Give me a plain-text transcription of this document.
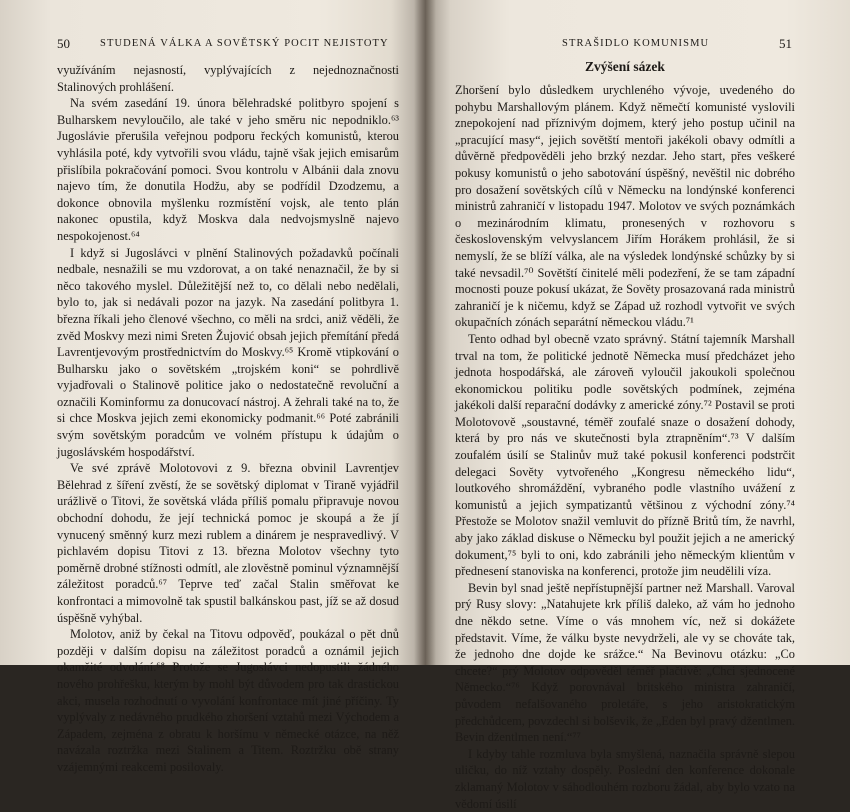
50	STUDENÁ VÁLKA A SOVĚTSKÝ POCIT NEJISTOTY

využíváním nejasností, vyplývajících z nejednoznačnosti Stalinových prohlášení.

Na svém zasedání 19. února bělehradské politbyro spojení s Bulharskem nevyloučilo, ale také v jeho směru nic nepodniklo.⁶³ Jugoslávie přerušila veřejnou podporu řeckých komunistů, kterou vyhlásila poté, kdy vytvořili svou vládu, tajně však jejich emisarům přislíbila pokračování pomoci. Svou kontrolu v Albánii dala znovu najevo tím, že donutila Hodžu, aby se podřídil Dzodzemu, a dokonce obnovila myšlenku rozmístění vojsk, ale tento plán nakonec opustila, když Moskva dala nedvojsmyslně najevo nespokojenost.⁶⁴

I když si Jugoslávci v plnění Stalinových požadavků počínali nedbale, nesnažili se mu vzdorovat, a on také nenaznačil, že by si něco takového myslel. Důležitější než to, co dělali nebo nedělali, bylo to, jak si nedávali pozor na jazyk. Na zasedání politbyra 1. března říkali jeho členové všechno, co měli na srdci, aniž věděli, že zvěd Moskvy mezi nimi Sreten Žujović obsah jejich přemítání předá Lavrentjevovým prostřednictvím do Moskvy.⁶⁵ Kromě vtipkování o Bulharsku jako o sovětském „trojském koni“ se pohrdlivě vyjadřovali o Stalinově politice jako o nedostatečně revoluční a označili Kominformu za donucovací nástroj. A žehrali také na to, že si chce Moskva jejich zemi ekonomicky podmanit.⁶⁶ Poté zabránili svým sovětským poradcům ve volném přístupu k údajům o jugoslávském hospodářství.

Ve své zprávě Molotovovi z 9. března obvinil Lavrentjev Bělehrad z šíření zvěstí, že se sovětský diplomat v Tiraně vyjádřil urážlivě o Titovi, že sovětská vláda příliš pomalu připravuje novou obchodní dohodu, že její technická pomoc je skoupá a že jí vynucený směnný kurz mezi rublem a dinárem je nespravedlivý. V pichlavém dopisu Titovi z 13. března Molotov všechny tyto poměrně drobné stížnosti odmítl, ale zlověstně pominul významnější záležitost poradců.⁶⁷ Teprve teď začal Stalin směřovat ke konfrontaci a mimovolně tak spustil balkánskou past, jíž se až dosud úspěšně vyhýbal.

Molotov, aniž by čekal na Titovu odpověď, poukázal o pět dnů později v dalším dopisu na záležitost poradců a oznámil jejich okamžité odvolání.⁶⁸ Protože se Jugoslávci nedopustili žádného nového prohřešku, kterým by mohl být důvodem pro tak drastickou akci, musela rozhodnutí o vyvolání konfrontace mít jiné příčiny. Ty vyplývaly z nedávného prudkého zhoršení vztahů mezi Východem a Západem, zejména z obratu k horšímu v německé otázce, na něž navázala roztržka mezi Stalinem a Titem. Roztržku obě strany vzájemnými reakcemi posilovaly.

STRAŠIDLO KOMUNISMU	51
Zvýšení sázek

Zhoršení bylo důsledkem urychleného vývoje, uvedeného do pohybu Marshallovým plánem. Když němečtí komunisté vyslovili znepokojení nad příznivým dojmem, který jeho postup učinil na „pracující masy“, jejich sovětští mentoři jakékoli obavy odmítli a důvěrně předpověděli jeho brzký nezdar. Jeho start, přes veškeré pokusy komunistů o jeho sabotování úspěšný, nevěštil nic dobrého pro dosažení sovětských cílů v Německu na londýnské konferenci ministrů zahraničí v listopadu 1947. Molotov ve svých poznámkách o mezinárodním klimatu, pronesených v rozhovoru s československým velvyslancem Jiřím Horákem prohlásil, že si nemyslí, že se blíží válka, ale na výsledek londýnské schůzky by si také nevsadil.⁷⁰ Sovětští činitelé měli podezření, že se tam západní mocnosti pouze pokusí ukázat, že Sověty prosazovaná rada ministrů zahraničí je k ničemu, když se Západ už rozhodl vytvořit ve svých okupačních zónách separátní německou vládu.⁷¹

Tento odhad byl obecně vzato správný. Státní tajemník Marshall trval na tom, že politické jednotě Německa musí předcházet jeho jednota hospodářská, ale zároveň vyloučil jakoukoli společnou ekonomickou politiku podle sovětských podmínek, zejména jakékoli další reparační dodávky z americké zóny.⁷² Postavil se proti Molotovově „soustavné, téměř zoufalé snaze o dosažení dohody, která by pro nás ve skutečnosti byla ztrapněním“.⁷³ V dalším zoufalém úsilí se Stalinův muž také pokusil konferenci podstrčit delegaci Sověty vytvořeného „Kongresu německého lidu“, loutkového shromáždění, vybraného podle vlastního uvážení z komunistů a jejich sympatizantů většinou z východní zóny.⁷⁴ Přestože se Molotov snažil vemluvit do přízně Britů tím, že navrhl, aby jako základ diskuse o Německu byl použit jejich a ne americký dokument,⁷⁵ byli to oni, kdo zabránili jeho německým klientům v přednesení stanoviska na konferenci, protože jim neudělili víza.

Bevin byl snad ještě nepřístupnější partner než Marshall. Varoval prý Rusy slovy: „Natahujete krk příliš daleko, až vám ho jednoho dne někdo setne. Víme o vás mnohem víc, než si dokážete představit. Víme, že válku byste nevydrželi, ale vy se chováte tak, že jednoho dne dojde ke srážce.“ Na Bevinovu otázku: „Co chcete?“ prý Molotov odpověděl téměř plačtivě: „Chci sjednocené Německo.“⁷⁶ Když porovnával britského ministra zahraničí, původem nefalšovaného proletáře, s jeho aristokratickým předchůdcem, povzdechl si bolševik, že „Eden byl pravý džentlmen. Bevin džentlmen není.“⁷⁷

I kdyby tahle rozmluva byla smyšlená, naznačila správně slepou uličku, do níž vztahy dospěly. Poslední den konference dokonale zklamaný Molotov v sáhodlouhém rozboru žádal, aby bylo vzato na vědomí úsilí
